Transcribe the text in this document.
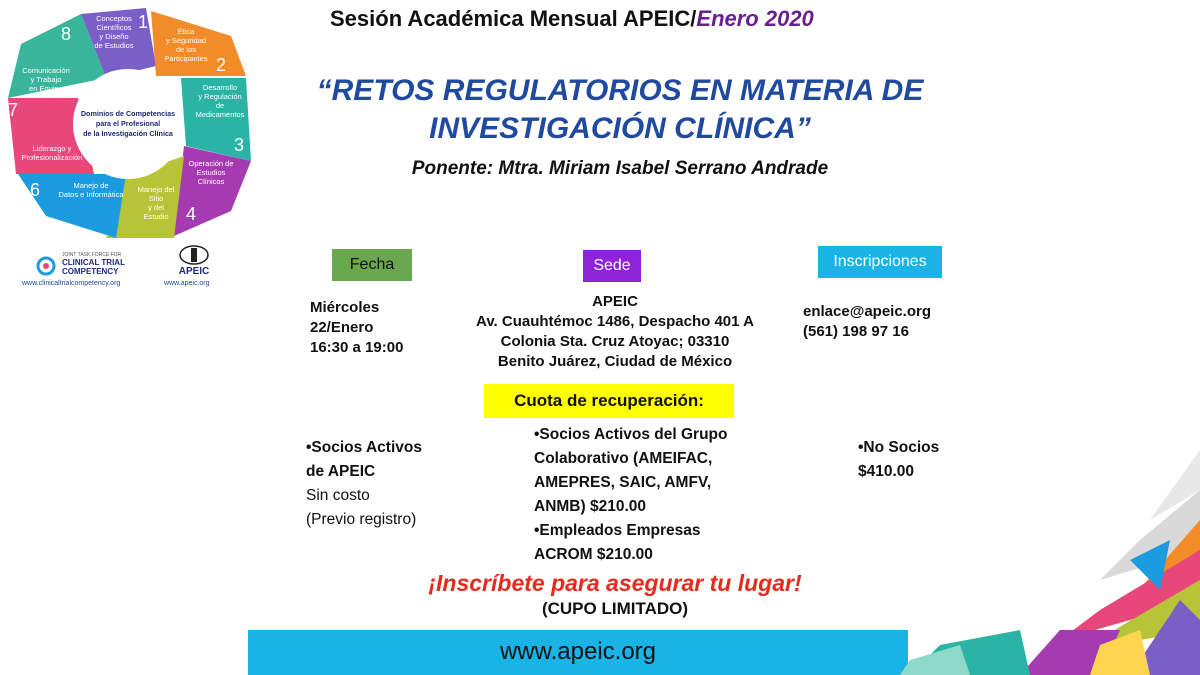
1
Conceptos
Científicos
y Diseño
de Estudios
2
Ética
y Seguridad
de los
Participantes
3
Desarrollo
y Regulación
de
Medicamentos
4
Operación de
Estudios
Clínicos
Manejo del
Sitio
y del
Estudio
6	Manejo de
Datos e Informática
7
Liderazgo y
Profesionalización
8
Comunicación
y Trabajo
en Equipo
Dominios de Competencias
para el Profesional
de la Investigación Clínica
JOINT TASK FORCE FOR
CLINICAL TRIAL
COMPETENCY
www.clinicaltrialcompetency.org
APEIC
www.apeic.org
Sesión Académica Mensual APEIC/Enero 2020
“RETOS REGULATORIOS EN MATERIA DE
INVESTIGACIÓN CLÍNICA”
Ponente: Mtra. Miriam Isabel Serrano Andrade
Fecha	Sede	Inscripciones
Miércoles
22/Enero
16:30 a 19:00
APEIC
Av. Cuauhtémoc 1486, Despacho 401 A
Colonia Sta. Cruz Atoyac; 03310
Benito Juárez, Ciudad de México
enlace@apeic.org
(561) 198 97 16
Cuota de recuperación:
•Socios Activos
de APEIC
Sin costo
(Previo registro)
•Socios Activos del Grupo
Colaborativo (AMEIFAC,
AMEPRES, SAIC, AMFV,
ANMB) $210.00
•Empleados Empresas
ACROM $210.00
•No Socios
$410.00
¡Inscríbete para asegurar tu lugar!
(CUPO LIMITADO)
www.apeic.org
